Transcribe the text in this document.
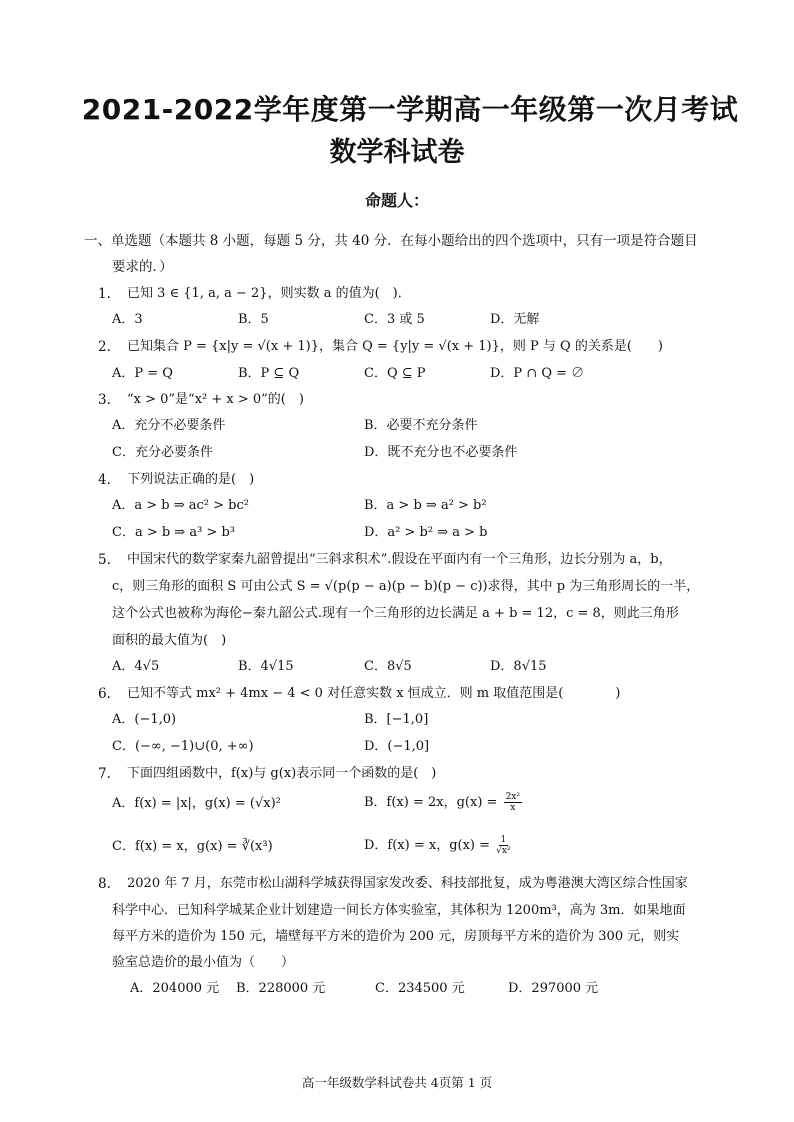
2021-2022学年度第一学期高一年级第一次月考试
数学科试卷
命题人：
一、单选题（本题共 8 小题，每题 5 分，共 40 分．在每小题给出的四个选项中，只有一项是符合题目
要求的．）
1. 已知 3 ∈ {1, a, a − 2}，则实数 a 的值为(　)．
A．3	B．5	C．3 或 5	D．无解
2. 已知集合 P = {x|y = √(x + 1)}，集合 Q = {y|y = √(x + 1)}，则 P 与 Q 的关系是(　　)
A．P = Q	B．P ⊆ Q	C．Q ⊆ P	D．P ∩ Q = ∅
3. “x > 0”是“x² + x > 0”的(　)
A．充分不必要条件	B．必要不充分条件
C．充分必要条件	D．既不充分也不必要条件
4. 下列说法正确的是(　)
A．a > b ⇒ ac² > bc²	B．a > b ⇒ a² > b²
C．a > b ⇒ a³ > b³	D．a² > b² ⇒ a > b
5. 中国宋代的数学家秦九韶曾提出“三斜求积术”.假设在平面内有一个三角形，边长分别为 a，b，
c，则三角形的面积 S 可由公式 S = √(p(p − a)(p − b)(p − c))求得，其中 p 为三角形周长的一半，
这个公式也被称为海伦−秦九韶公式.现有一个三角形的边长满足 a + b = 12，c = 8，则此三角形
面积的最大值为(　)
A．4√5	B．4√15	C．8√5	D．8√15
6. 已知不等式 mx² + 4mx − 4 < 0 对任意实数 x 恒成立．则 m 取值范围是(　　　　)
A．(−1,0)	B．[−1,0]
C．(−∞, −1)∪(0, +∞)	D．(−1,0]
7. 下面四组函数中，f(x)与 g(x)表示同一个函数的是(　)
A．f(x) = |x|，g(x) = (√x)²	B．f(x) = 2x，$g(x) = \frac{\text{2x²}}{x}$
C．f(x) = x，g(x) = ∛(x³)	D．f(x) = x，$g(x) = \frac{1}{\text{√x²}}$
8. 2020 年 7 月，东莞市松山湖科学城获得国家发改委、科技部批复，成为粤港澳大湾区综合性国家
科学中心．已知科学城某企业计划建造一间长方体实验室，其体积为 1200m³，高为 3m．如果地面
每平方米的造价为 150 元，墙壁每平方米的造价为 200 元，房顶每平方米的造价为 300 元，则实
验室总造价的最小值为（　　）
A．204000 元 B．228000 元	C．234500 元	D．297000 元
高一年级数学科试卷共 4页第 1 页
